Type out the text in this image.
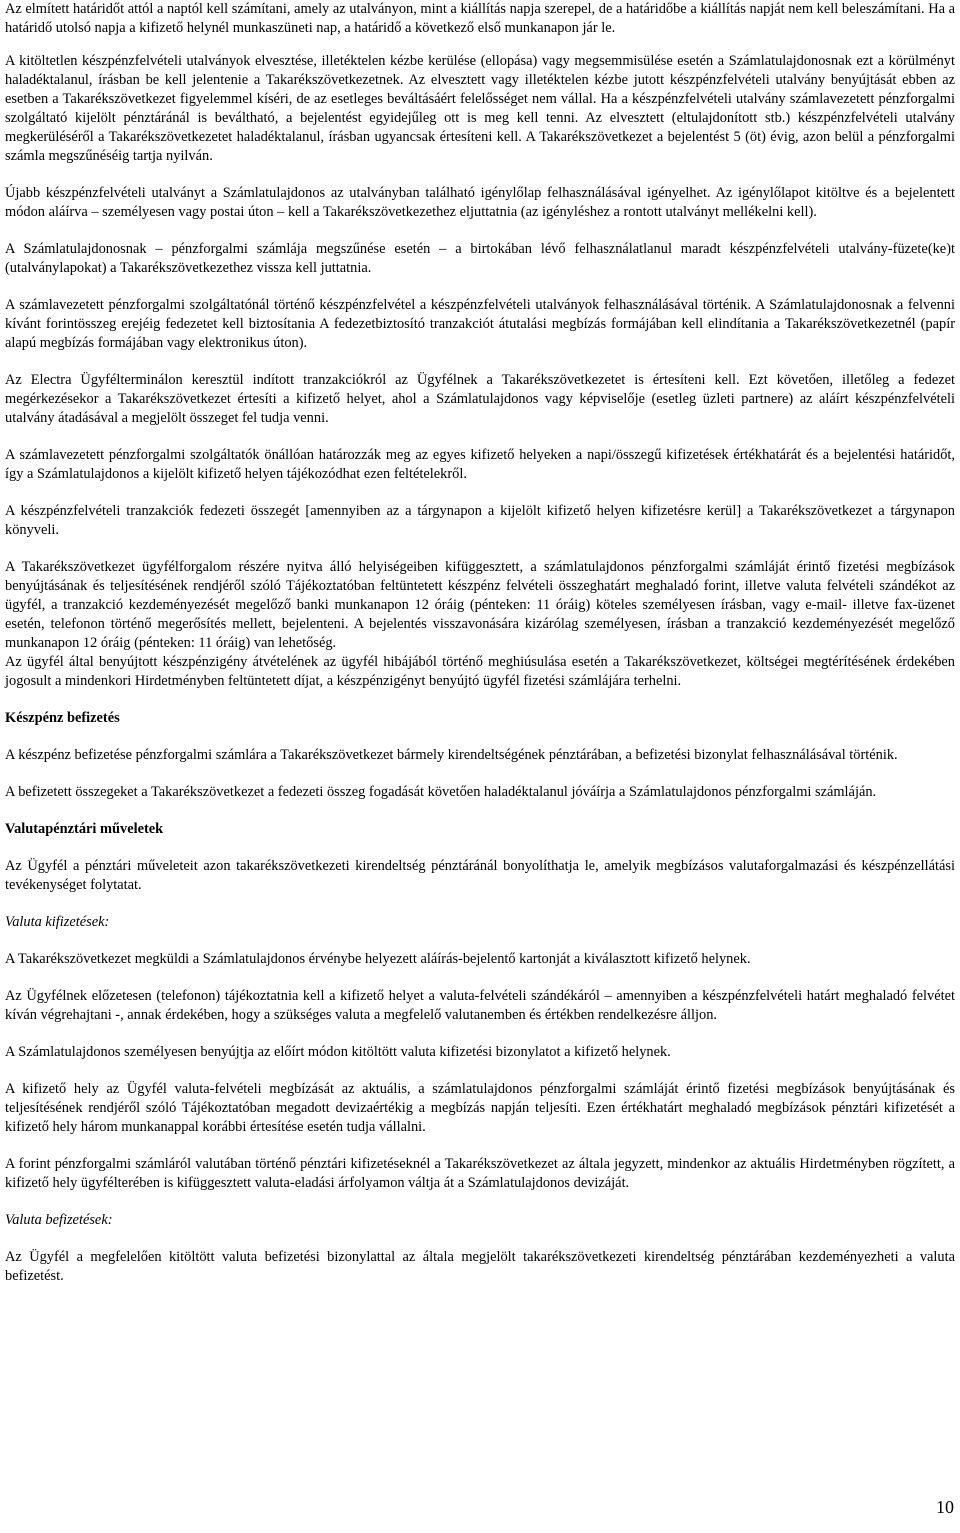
Az elmített határidőt attól a naptól kell számítani, amely az utalványon, mint a kiállítás napja szerepel, de a határidőbe a kiállítás napját nem kell beleszámítani. Ha a határidő utolsó napja a kifizető helynél munkaszüneti nap, a határidő a következő első munkanapon jár le.

A kitöltetlen készpénzfelvételi utalványok elvesztése, illetéktelen kézbe kerülése (ellopása) vagy megsemmisülése esetén a Számlatulajdonosnak ezt a körülményt haladéktalanul, írásban be kell jelentenie a Takarékszövetkezetnek. Az elvesztett vagy illetéktelen kézbe jutott készpénzfelvételi utalvány benyújtását ebben az esetben a Takarékszövetkezet figyelemmel kíséri, de az esetleges beváltásáért felelősséget nem vállal. Ha a készpénzfelvételi utalvány számlavezetett pénzforgalmi szolgáltató kijelölt pénztáránál is beváltható, a bejelentést egyidejűleg ott is meg kell tenni. Az elvesztett (eltulajdonított stb.) készpénzfelvételi utalvány megkerüléséről a Takarékszövetkezetet haladéktalanul, írásban ugyancsak értesíteni kell. A Takarékszövetkezet a bejelentést 5 (öt) évig, azon belül a pénzforgalmi számla megszűnéséig tartja nyilván.

Újabb készpénzfelvételi utalványt a Számlatulajdonos az utalványban található igénylőlap felhasználásával igényelhet. Az igénylőlapot kitöltve és a bejelentett módon aláírva – személyesen vagy postai úton – kell a Takarékszövetkezethez eljuttatnia (az igényléshez a rontott utalványt mellékelni kell).

A Számlatulajdonosnak – pénzforgalmi számlája megszűnése esetén – a birtokában lévő felhasználatlanul maradt készpénzfelvételi utalvány-füzete(ke)t (utalványlapokat) a Takarékszövetkezethez vissza kell juttatnia.

A számlavezetett pénzforgalmi szolgáltatónál történő készpénzfelvétel a készpénzfelvételi utalványok felhasználásával történik. A Számlatulajdonosnak a felvenni kívánt forintösszeg erejéig fedezetet kell biztosítania A fedezetbiztosító tranzakciót átutalási megbízás formájában kell elindítania a Takarékszövetkezetnél (papír alapú megbízás formájában vagy elektronikus úton).

Az Electra Ügyfélterminálon keresztül indított tranzakciókról az Ügyfélnek a Takarékszövetkezetet is értesíteni kell. Ezt követően, illetőleg a fedezet megérkezésekor a Takarékszövetkezet értesíti a kifizető helyet, ahol a Számlatulajdonos vagy képviselője (esetleg üzleti partnere) az aláírt készpénzfelvételi utalvány átadásával a megjelölt összeget fel tudja venni.

A számlavezetett pénzforgalmi szolgáltatók önállóan határozzák meg az egyes kifizető helyeken a napi/összegű kifizetések értékhatárát és a bejelentési határidőt, így a Számlatulajdonos a kijelölt kifizető helyen tájékozódhat ezen feltételekről.

A készpénzfelvételi tranzakciók fedezeti összegét [amennyiben az a tárgynapon a kijelölt kifizető helyen kifizetésre kerül] a Takarékszövetkezet a tárgynapon könyveli.

A Takarékszövetkezet ügyfélforgalom részére nyitva álló helyiségeiben kifüggesztett, a számlatulajdonos pénzforgalmi számláját érintő fizetési megbízások benyújtásának és teljesítésének rendjéről szóló Tájékoztatóban feltüntetett készpénz felvételi összeghatárt meghaladó forint, illetve valuta felvételi szándékot az ügyfél, a tranzakció kezdeményezését megelőző banki munkanapon 12 óráig (pénteken: 11 óráig) köteles személyesen írásban, vagy e-mail- illetve fax-üzenet esetén, telefonon történő megerősítés mellett, bejelenteni. A bejelentés visszavonására kizárólag személyesen, írásban a tranzakció kezdeményezését megelőző munkanapon 12 óráig (pénteken: 11 óráig) van lehetőség.

Az ügyfél által benyújtott készpénzigény átvételének az ügyfél hibájából történő meghiúsulása esetén a Takarékszövetkezet, költségei megtérítésének érdekében jogosult a mindenkori Hirdetményben feltüntetett díjat, a készpénzigényt benyújtó ügyfél fizetési számlájára terhelni.

Készpénz befizetés

A készpénz befizetése pénzforgalmi számlára a Takarékszövetkezet bármely kirendeltségének pénztárában, a befizetési bizonylat felhasználásával történik.

A befizetett összegeket a Takarékszövetkezet a fedezeti összeg fogadását követően haladéktalanul jóváírja a Számlatulajdonos pénzforgalmi számláján.

Valutapénztári műveletek

Az Ügyfél a pénztári műveleteit azon takarékszövetkezeti kirendeltség pénztáránál bonyolíthatja le, amelyik megbízásos valutaforgalmazási és készpénzellátási tevékenységet folytatat.

Valuta kifizetések:

A Takarékszövetkezet megküldi a Számlatulajdonos érvénybe helyezett aláírás-bejelentő kartonját a kiválasztott kifizető helynek.

Az Ügyfélnek előzetesen (telefonon) tájékoztatnia kell a kifizető helyet a valuta-felvételi szándékáról – amennyiben a készpénzfelvételi határt meghaladó felvétet kíván végrehajtani -, annak érdekében, hogy a szükséges valuta a megfelelő valutanemben és értékben rendelkezésre álljon.

A Számlatulajdonos személyesen benyújtja az előírt módon kitöltött valuta kifizetési bizonylatot a kifizető helynek.

A kifizető hely az Ügyfél valuta-felvételi megbízását az aktuális, a számlatulajdonos pénzforgalmi számláját érintő fizetési megbízások benyújtásának és teljesítésének rendjéről szóló Tájékoztatóban megadott devizaértékig a megbízás napján teljesíti. Ezen értékhatárt meghaladó megbízások pénztári kifizetését a kifizető hely három munkanappal korábbi értesítése esetén tudja vállalni.

A forint pénzforgalmi számláról valutában történő pénztári kifizetéseknél a Takarékszövetkezet az általa jegyzett, mindenkor az aktuális Hirdetményben rögzített, a kifizető hely ügyfélterében is kifüggesztett valuta-eladási árfolyamon váltja át a Számlatulajdonos devizáját.

Valuta befizetések:

Az Ügyfél a megfelelően kitöltött valuta befizetési bizonylattal az általa megjelölt takarékszövetkezeti kirendeltség pénztárában kezdeményezheti a valuta befizetést.

10
